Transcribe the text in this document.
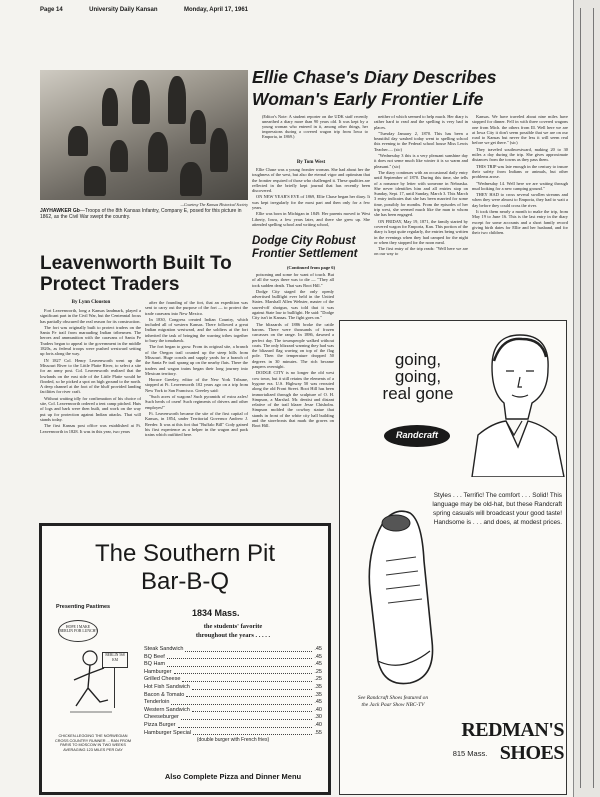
Page 14	University Daily Kansan	Monday, April 17, 1961
—Courtesy The Kansas Historical Society
JAYHAWKER Gb—Troops of the 8th Kansas Infantry, Company E, posed for this picture in 1862, as the Civil War swept the country.
Leavenworth Built To Protect Traders
By Lynn Clouston

Fort Leavenworth, long a Kansas landmark, played a significant part in the Civil War, but the Centennial focus has partially obscured the real reason for its construction.

The fort was originally built to protect traders on the Santa Fe trail from marauding Indian tribesmen. The heroes and ammunition with the caravans of Santa Fe Traders began to appeal to the government in the middle 1820s, as federal troops were pushed westward setting up forts along the way.

IN 1827 Col. Henry Leavenworth went up the Missouri River to the Little Platte River, to select a site for an army post. Col. Leavenworth realized that the lowlands on the east side of the Little Platte would be flooded, so he picked a spot on high ground to the north. A deep channel at the foot of the bluff provided landing facilities for river craft.

Without waiting idly for confirmation of his choice of site, Col. Leavenworth ordered a tent camp pitched. Huts of logs and bark were then built, and work on the way put up for protection against Indian attacks. That will stands today.

The first Kansas post office was established at Ft. Leavenworth in 1828. It was in this year, two years

after the founding of the fort, that an expedition was sent to carry out the purpose of the fort — to protect the trade caravans into New Mexico.

In 1830, Congress created Indian Country, which included all of western Kansas. There followed a great Indian migration westward, and the soldiers at the fort inherited the task of bringing the warring tribes together to bury the tomahawk.

The fort began to grow. From its original site, a branch of the Oregon trail counted up the steep hills from Missouri. Huge corrals and supply yards for a branch of the Santa Fe trail sprang up on the nearby flats. There the traders and wagon trains began their long journey into Mexican territory.

Horace Greeley, editor of the New York Tribune, stopped at Ft. Leavenworth 102 years ago on a trip from New York to San Francisco. Greeley said:

"Such acres of wagons! Such pyramids of extra axles! Such herds of oxen! Such regiments of drivers and other employes!"

Ft. Leavenworth became the site of the first capital of Kansas, in 1854, under Territorial Governor Andrew J. Reeder. It was at this fort that "Buffalo Bill" Cody gained his first experience as a helper in the wagon and pack trains which outfitted here.

Ellie Chase's Diary Describes
Woman's Early Frontier Life
(Editor's Note: A student reporter on the UDK staff recently unearthed a diary more than 90 years old. It was kept by a young woman who entered in it, among other things, her impressions during a covered wagon trip from Iowa to Emporia, in 1869.)
By Tom West

Ellie Chase was a young frontier woman. She had about her the toughness of the west, but also the eternal vigor and optimism that the frontier required of those who challenged it. These qualities are reflected in the briefly kept journal that has recently been discovered.

ON NEW YEAR'S EVE of 1869, Ellie Chase began her diary. It was kept irregularly for the most part and then only for a few years.

Ellie was born in Michigan in 1849. Her parents moved to West Liberty, Iowa, a few years later, and there she grew up. She attended spelling school and writing school,

neither of which seemed to help much. Her diary is rather hard to read and the spelling is very bad in places.

"Tuesday January 2, 1870. This has been a beautiful day washed today went to spelling school this evening to the Federal school house Miss Lewis Teacher..... (sic)

"Wednesday 3 this is a very pleasant sunshine day it does not seme much like winter it is so warm and pleasant." (sic)

The diary continues with an occasional daily entry until September of 1870. During this time, she tells of a romance by letter with someone in Nebraska. She never identifies him and all entries stop on Sunday, Sept. 17, until Sunday, March 3. This March 3 entry indicates that she has been married for some time, possibly for months. From the episodes of her trip west, she seemed much like the man to whom she has been engaged.

ON FRIDAY, May 19, 1871, the family started by covered wagon for Emporia, Kan. This portion of the diary is kept quite regularly, the entries being written in the evenings when they had camped for the night or when they stopped for the noon meal.

The first entry of the trip reads: "Well here we are on our way to

Kansas. We have traveled about nine miles have stopped for dinner. Fell in with three covered wagons one from Mich. the others from Ill. Well here we are at Iowa City it don't seem possible that we are on our road to Kansas but never the less it will seem real before we get there." (sic)

They traveled southwestward, making 20 to 30 miles a day during the trip. She gives approximate distances from the towns as they pass them.

THIS TRIP was late enough in the century to insure their safety from Indians or animals, but other problems arose.

"Wednesday 14. Well here we are waiting through mud looking for a new camping ground."

THEY HAD to cross several swollen streams and when they were almost to Emporia, they had to wait a day before they could cross the river.

It took them nearly a month to make the trip, from May 19 to June 16. This is the last entry in the diary except for some accounts and a short family record giving birth dates for Ellie and her husband, and for their two children.

Dodge City Robust Frontier Settlement
(Continued from page 6)

poisoning and some for want of touch. But of all the ways there was to die — "They all took sudden death. That was Boot Hill."

Dodge City staged the only openly advertised bullfight ever held in the United States. Marshall Allen Webster, master of the sawed-off shotgun, was told that it was against State law to bullfight. He said: "Dodge City isn't in Kansas. The fight goes on."

The blizzards of 1886 broke the cattle barons. There were thousands of frozen carcasses on the range. In 1886, dawned a perfect day. The townspeople walked without coats. The only blizzard warning they had was the blizzard flag waving on top of the flag pole. Then the temperature dropped 50 degrees in 30 minutes. The rich became paupers overnight.

DODGE CITY is no longer the old west cow town, but it still retains the elements of a bygone era. U.S. Highway 50 was rerouted along the old Front Street. Boot Hill has been immortalized through the sculpture of O. H. Simpson, a Marshal. Mr. dentist and distant relative of the trail blazer Jesse Chisholm. Simpson molded the cowboy statue that stands in front of the white city hall building and the storefronts that mark the graves on Boot Hill.

The Southern Pit
Bar-B-Q
Presenting Pastimes
1834 Mass.
the students' favorite
throughout the years . . . . .
HOPE I MAKE BERLIN FOR LUNCH!
BERLIN 568 KM
CHICKEN-LEGGING THE NORWEGIAN CROSS COUNTRY RUNNER ... RAN FROM PARIS TO MOSCOW IN TWO WEEKS AVERAGING 123 MILES PER DAY
Steak Sandwich	.45
BQ Beef	.45
BQ Ham	.45
Hamburger	.25
Grilled Cheese	.25
Hot Fish Sandwich	.35
Bacon & Tomato	.35
Tenderloin	.45
Western Sandwich	.40
Cheeseburger	.30
Pizza Burger	.40
Hamburger Special	.55
(double burger with French fries)
Also Complete Pizza and Dinner Menu
going,
going,
real gone
Randcraft
Styles . . . Terrific! The comfort . . . Solid! This language may be old-hat, but these Randcraft spring casuals will broadcast your good taste! Handsome is . . . and does, at modest prices.
See Randcraft Shoes featured on the Jack Paar Show NBC-TV
REDMAN'S SHOES
815 Mass.
